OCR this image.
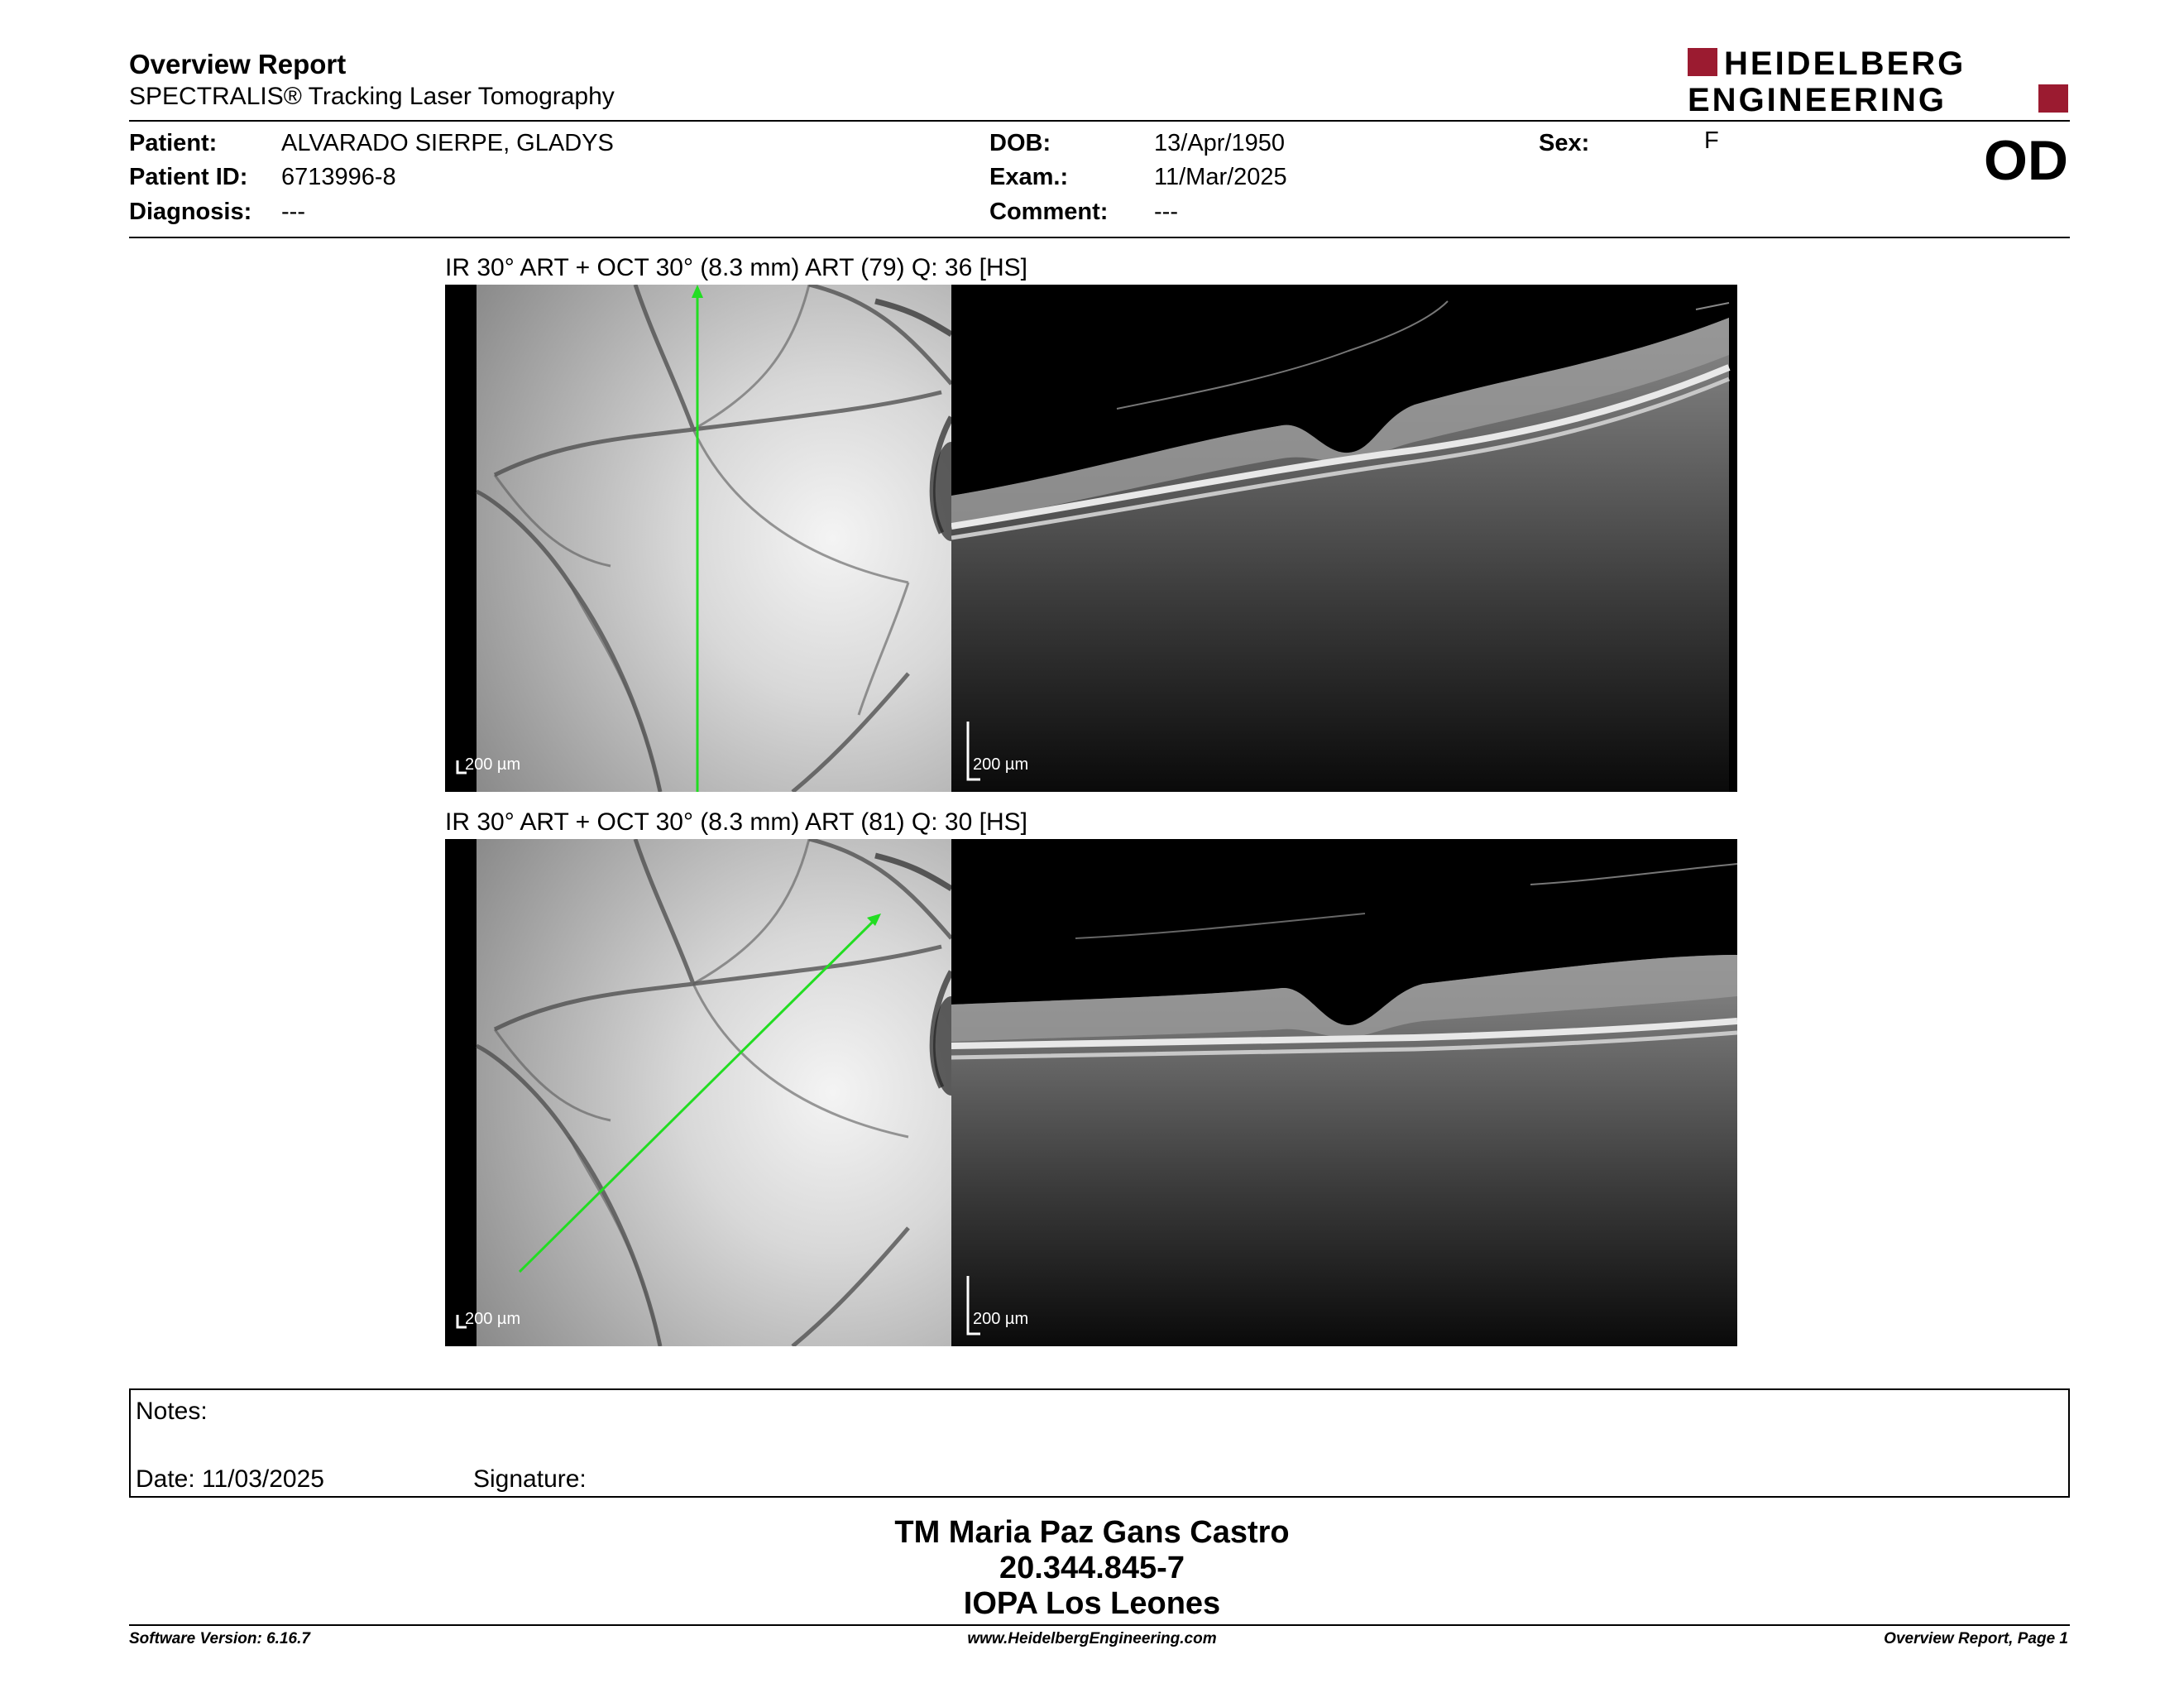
Overview Report
SPECTRALIS® Tracking Laser Tomography
HEIDELBERG
ENGINEERING
Patient:	ALVARADO SIERPE, GLADYS
Patient ID: 6713996-8
Diagnosis: ---
DOB:	13/Apr/1950
Exam.:	11/Mar/2025
Comment: ---
Sex:	F	OD
IR 30° ART + OCT 30° (8.3 mm) ART (79) Q: 36 [HS]
200 µm	200 µm
IR 30° ART + OCT 30° (8.3 mm) ART (81) Q: 30 [HS]
200 µm	200 µm
Notes:
Date: 11/03/2025	Signature:
TM Maria Paz Gans Castro
20.344.845-7
IOPA Los Leones
Software Version: 6.16.7	www.HeidelbergEngineering.com	Overview Report, Page 1
